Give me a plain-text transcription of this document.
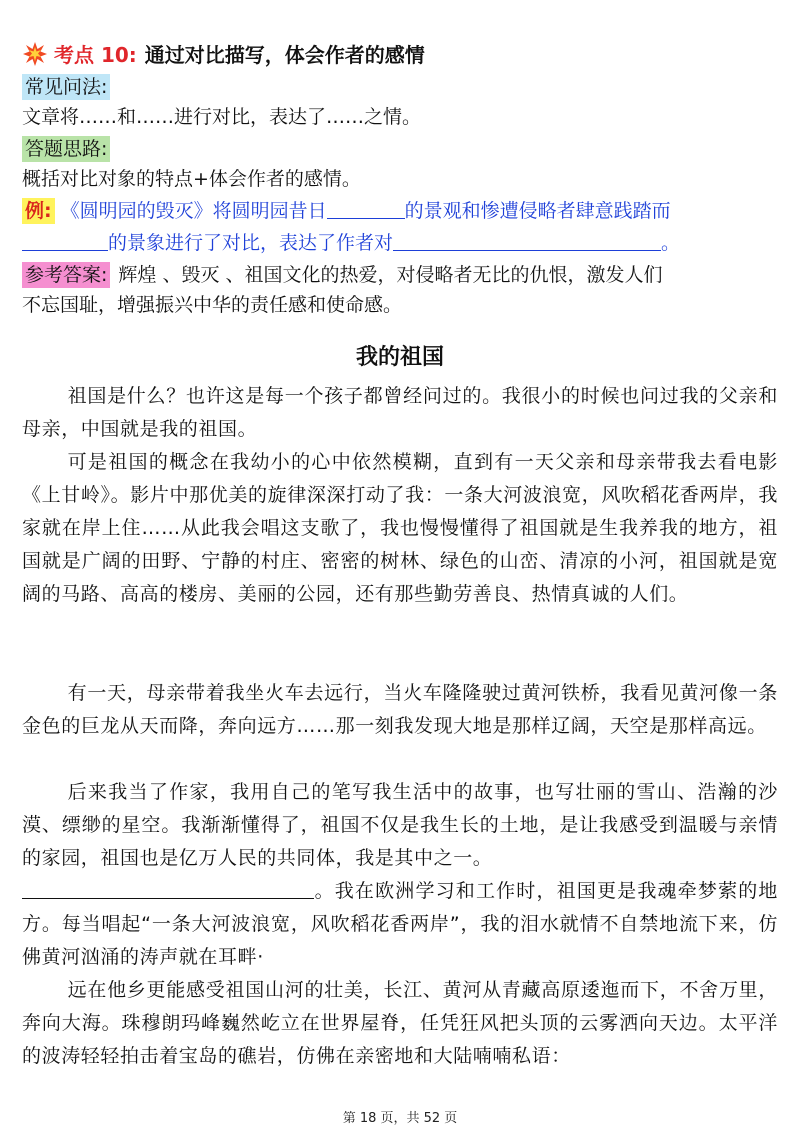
考点 10: 通过对比描写，体会作者的感情
常见问法:
文章将……和……进行对比，表达了……之情。
答题思路:
概括对比对象的特点+体会作者的感情。
例: 《圆明园的毁灭》将圆明园昔日	的景观和惨遭侵略者肆意践踏而
的景象进行了对比，表达了作者对	。
参考答案: 辉煌 、毁灭 、祖国文化的热爱，对侵略者无比的仇恨，激发人们
不忘国耻，增强振兴中华的责任感和使命感。
我的祖国
祖国是什么？也许这是每一个孩子都曾经问过的。我很小的时候也问过我的父亲和母亲，中国就是我的祖国。
可是祖国的概念在我幼小的心中依然模糊，直到有一天父亲和母亲带我去看电影《上甘岭》。影片中那优美的旋律深深打动了我：一条大河波浪宽，风吹稻花香两岸，我家就在岸上住……从此我会唱这支歌了，我也慢慢懂得了祖国就是生我养我的地方，祖国就是广阔的田野、宁静的村庄、密密的树林、绿色的山峦、清凉的小河，祖国就是宽阔的马路、高高的楼房、美丽的公园，还有那些勤劳善良、热情真诚的人们。
有一天，母亲带着我坐火车去远行，当火车隆隆驶过黄河铁桥，我看见黄河像一条金色的巨龙从天而降，奔向远方……那一刻我发现大地是那样辽阔，天空是那样高远。
后来我当了作家，我用自己的笔写我生活中的故事，也写壮丽的雪山、浩瀚的沙漠、缥缈的星空。我渐渐懂得了，祖国不仅是我生长的土地，是让我感受到温暖与亲情的家园，祖国也是亿万人民的共同体，我是其中之一。
。我在欧洲学习和工作时，祖国更是我魂牵梦萦的地方。每当唱起“一条大河波浪宽，风吹稻花香两岸”，我的泪水就情不自禁地流下来，仿佛黄河汹涌的涛声就在耳畔·
远在他乡更能感受祖国山河的壮美，长江、黄河从青藏高原逶迤而下，不舍万里，奔向大海。珠穆朗玛峰巍然屹立在世界屋脊，任凭狂风把头顶的云雾洒向天边。太平洋的波涛轻轻拍击着宝岛的礁岩，仿佛在亲密地和大陆喃喃私语：
第 18 页，共 52 页
